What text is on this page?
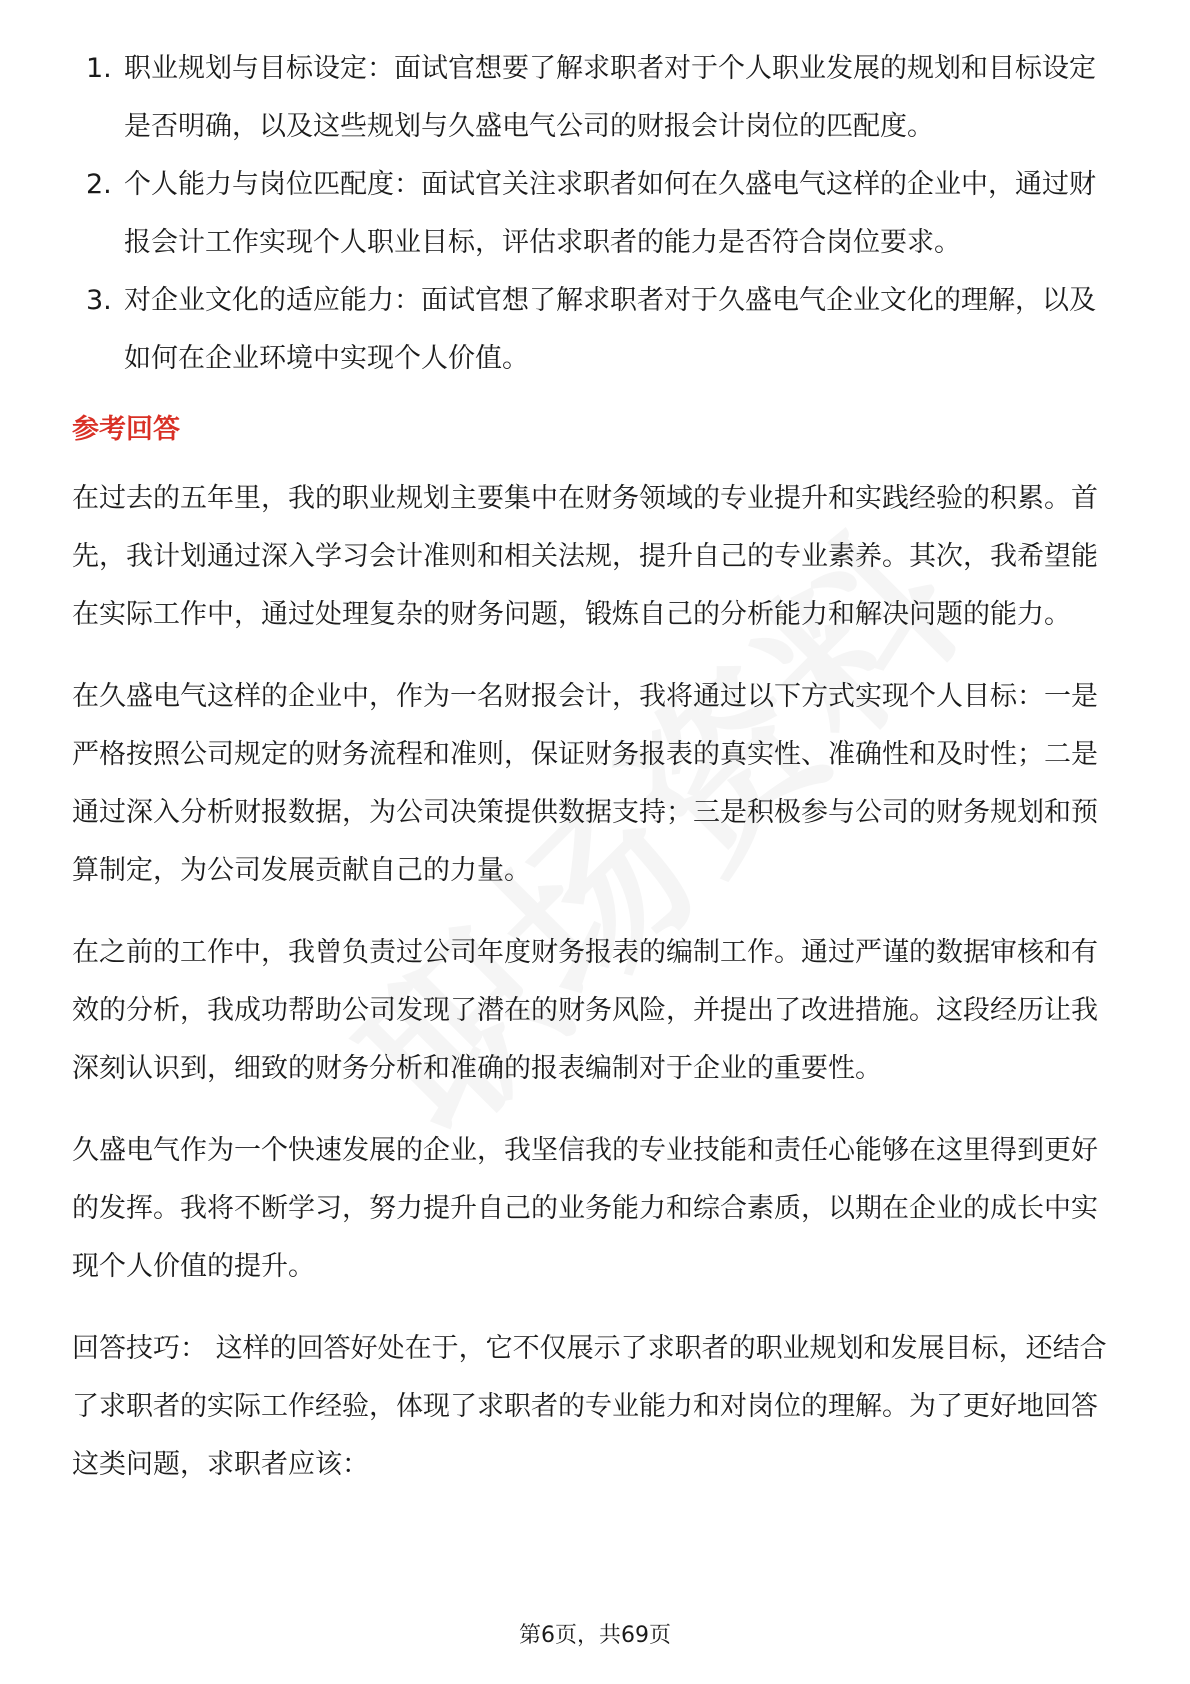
1. 职业规划与目标设定：面试官想要了解求职者对于个人职业发展的规划和目标设定是否明确，以及这些规划与久盛电气公司的财报会计岗位的匹配度。
2. 个人能力与岗位匹配度：面试官关注求职者如何在久盛电气这样的企业中，通过财报会计工作实现个人职业目标，评估求职者的能力是否符合岗位要求。
3. 对企业文化的适应能力：面试官想了解求职者对于久盛电气企业文化的理解，以及如何在企业环境中实现个人价值。
参考回答

在过去的五年里，我的职业规划主要集中在财务领域的专业提升和实践经验的积累。首先，我计划通过深入学习会计准则和相关法规，提升自己的专业素养。其次，我希望能在实际工作中，通过处理复杂的财务问题，锻炼自己的分析能力和解决问题的能力。

在久盛电气这样的企业中，作为一名财报会计，我将通过以下方式实现个人目标：一是严格按照公司规定的财务流程和准则，保证财务报表的真实性、准确性和及时性；二是通过深入分析财报数据，为公司决策提供数据支持；三是积极参与公司的财务规划和预算制定，为公司发展贡献自己的力量。

在之前的工作中，我曾负责过公司年度财务报表的编制工作。通过严谨的数据审核和有效的分析，我成功帮助公司发现了潜在的财务风险，并提出了改进措施。这段经历让我深刻认识到，细致的财务分析和准确的报表编制对于企业的重要性。

久盛电气作为一个快速发展的企业，我坚信我的专业技能和责任心能够在这里得到更好的发挥。我将不断学习，努力提升自己的业务能力和综合素质，以期在企业的成长中实现个人价值的提升。

回答技巧： 这样的回答好处在于，它不仅展示了求职者的职业规划和发展目标，还结合了求职者的实际工作经验，体现了求职者的专业能力和对岗位的理解。为了更好地回答这类问题，求职者应该：

第6页，共69页
